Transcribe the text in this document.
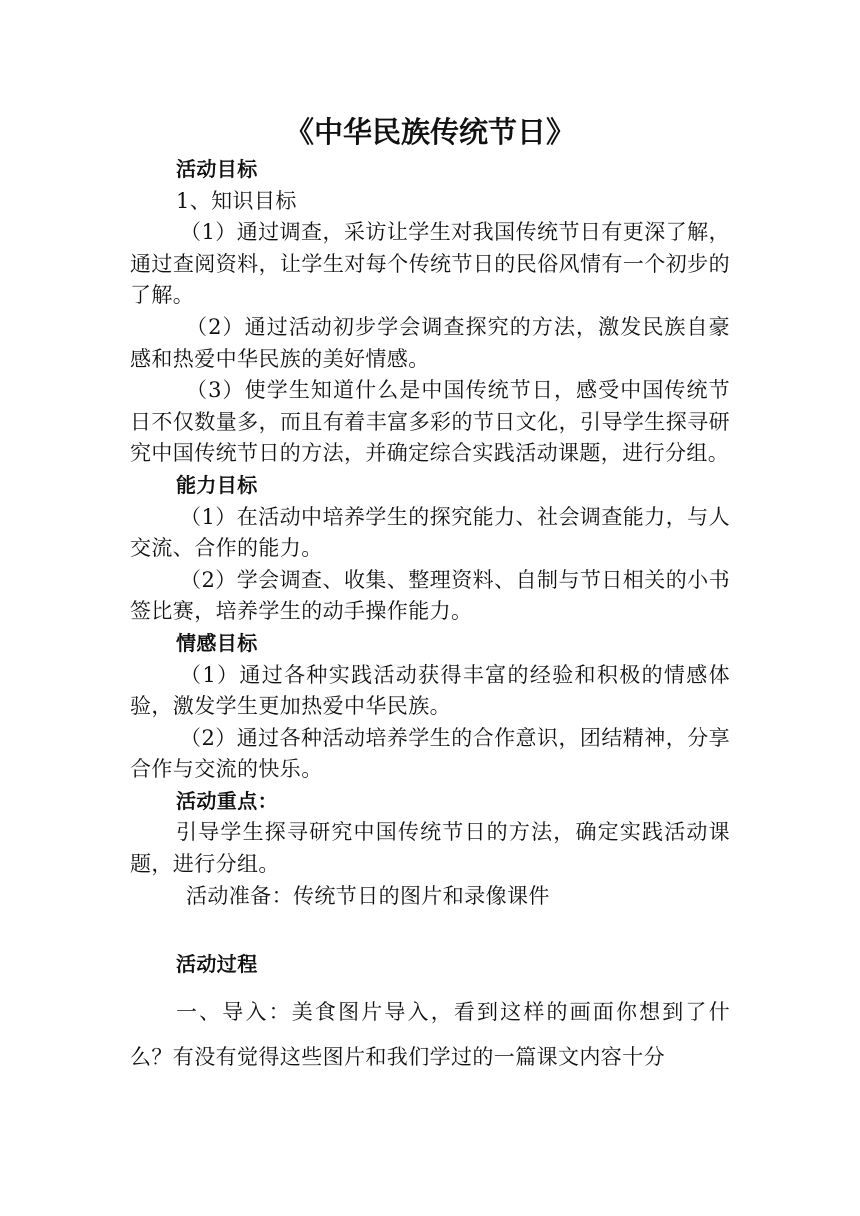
《中华民族传统节日》

活动目标

1、知识目标

（1）通过调查，采访让学生对我国传统节日有更深了解，通过查阅资料，让学生对每个传统节日的民俗风情有一个初步的了解。

（2）通过活动初步学会调查探究的方法，激发民族自豪感和热爱中华民族的美好情感。

（3）使学生知道什么是中国传统节日，感受中国传统节日不仅数量多，而且有着丰富多彩的节日文化，引导学生探寻研究中国传统节日的方法，并确定综合实践活动课题，进行分组。

能力目标

（1）在活动中培养学生的探究能力、社会调查能力，与人交流、合作的能力。

（2）学会调查、收集、整理资料、自制与节日相关的小书签比赛，培养学生的动手操作能力。

情感目标

（1）通过各种实践活动获得丰富的经验和积极的情感体验，激发学生更加热爱中华民族。

（2）通过各种活动培养学生的合作意识，团结精神，分享合作与交流的快乐。

活动重点：

引导学生探寻研究中国传统节日的方法，确定实践活动课题，进行分组。

活动准备：传统节日的图片和录像课件

活动过程

一、导入：美食图片导入，看到这样的画面你想到了什么？有没有觉得这些图片和我们学过的一篇课文内容十分
